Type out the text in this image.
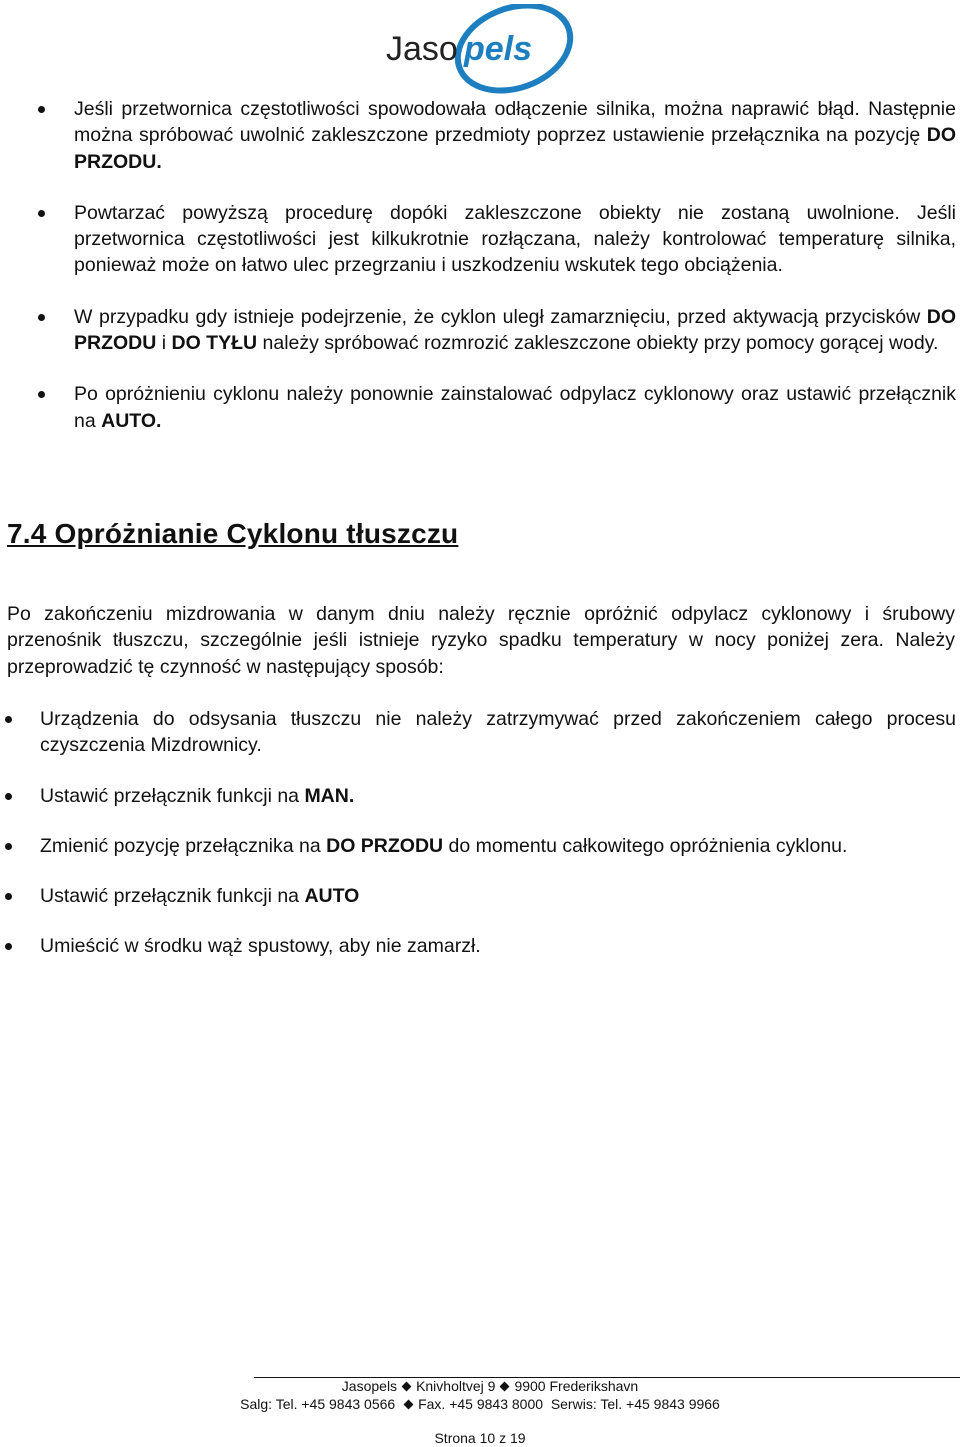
Jaso pels
Jeśli przetwornica częstotliwości spowodowała odłączenie silnika, można naprawić błąd. Następnie można spróbować uwolnić zakleszczone przedmioty poprzez ustawienie przełącznika na pozycję DO PRZODU.
Powtarzać powyższą procedurę dopóki zakleszczone obiekty nie zostaną uwolnione. Jeśli przetwornica częstotliwości jest kilkukrotnie rozłączana, należy kontrolować temperaturę silnika, ponieważ może on łatwo ulec przegrzaniu i uszkodzeniu wskutek tego obciążenia.
W przypadku gdy istnieje podejrzenie, że cyklon uległ zamarznięciu, przed aktywacją przycisków DO PRZODU i DO TYŁU należy spróbować rozmrozić zakleszczone obiekty przy pomocy gorącej wody.
Po opróżnieniu cyklonu należy ponownie zainstalować odpylacz cyklonowy oraz ustawić przełącznik na AUTO.
7.4 Opróżnianie Cyklonu tłuszczu

Po zakończeniu mizdrowania w danym dniu należy ręcznie opróżnić odpylacz cyklonowy i śrubowy przenośnik tłuszczu, szczególnie jeśli istnieje ryzyko spadku temperatury w nocy poniżej zera. Należy przeprowadzić tę czynność w następujący sposób:

Urządzenia do odsysania tłuszczu nie należy zatrzymywać przed zakończeniem całego procesu czyszczenia Mizdrownicy.
Ustawić przełącznik funkcji na MAN.
Zmienić pozycję przełącznika na DO PRZODU do momentu całkowitego opróżnienia cyklonu.
Ustawić przełącznik funkcji na AUTO
Umieścić w środku wąż spustowy, aby nie zamarzł.
Jasopels Knivholtvej 9 9900 Frederikshavn
Salg: Tel. +45 9843 0566 Fax. +45 9843 8000 Serwis: Tel. +45 9843 9966
Strona 10 z 19
